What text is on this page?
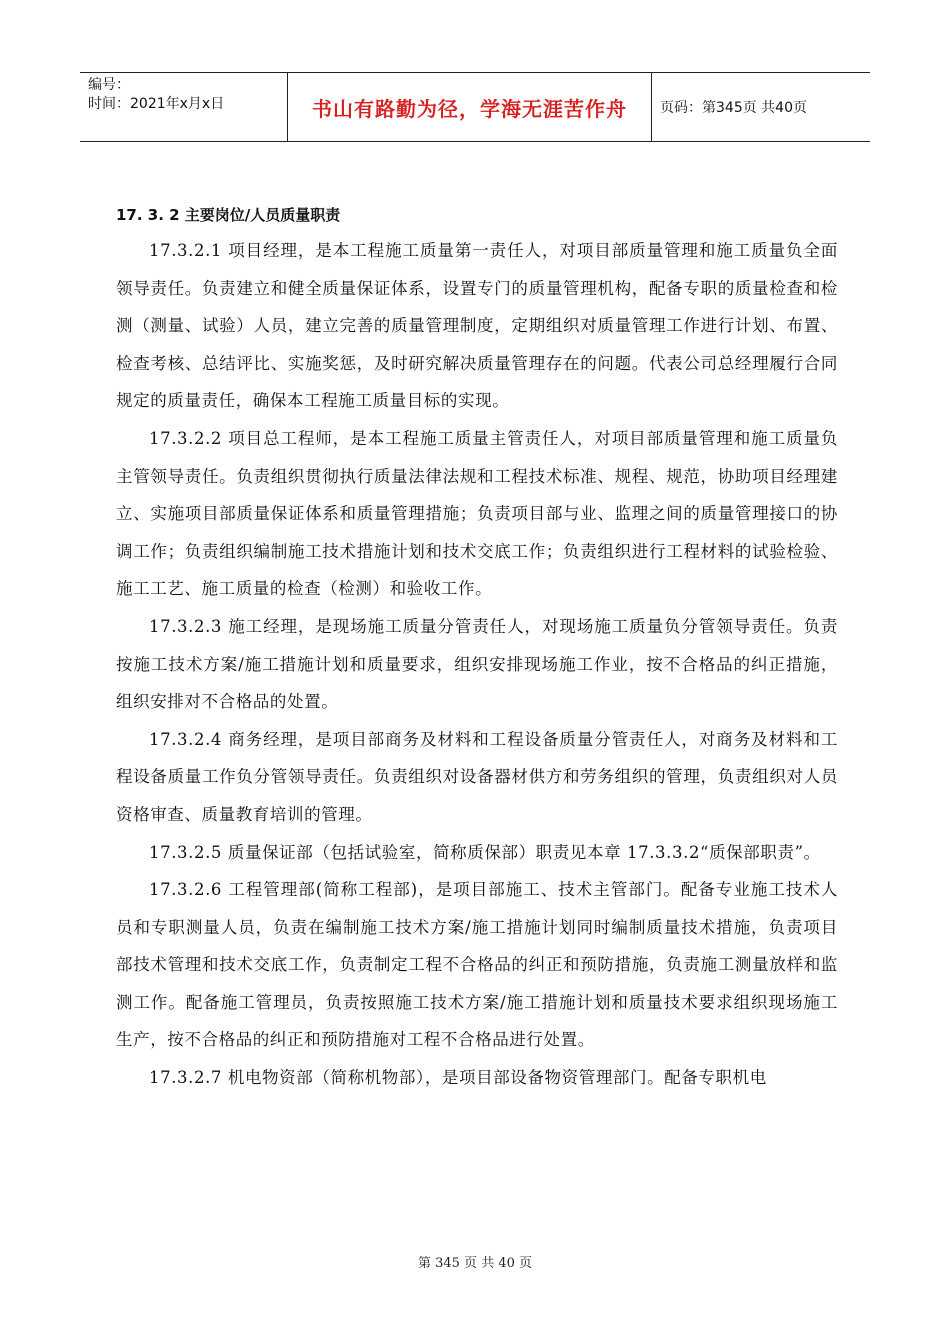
编号：
时间：2021年x月x日	书山有路勤为径，学海无涯苦作舟	页码：第345页 共40页

17. 3. 2 主要岗位/人员质量职责

17.3.2.1 项目经理，是本工程施工质量第一责任人，对项目部质量管理和施工质量负全面领导责任。负责建立和健全质量保证体系，设置专门的质量管理机构，配备专职的质量检查和检测（测量、试验）人员，建立完善的质量管理制度，定期组织对质量管理工作进行计划、布置、检查考核、总结评比、实施奖惩，及时研究解决质量管理存在的问题。代表公司总经理履行合同规定的质量责任，确保本工程施工质量目标的实现。

17.3.2.2 项目总工程师，是本工程施工质量主管责任人，对项目部质量管理和施工质量负主管领导责任。负责组织贯彻执行质量法律法规和工程技术标准、规程、规范，协助项目经理建立、实施项目部质量保证体系和质量管理措施；负责项目部与业、监理之间的质量管理接口的协调工作；负责组织编制施工技术措施计划和技术交底工作；负责组织进行工程材料的试验检验、施工工艺、施工质量的检查（检测）和验收工作。

17.3.2.3 施工经理，是现场施工质量分管责任人，对现场施工质量负分管领导责任。负责按施工技术方案/施工措施计划和质量要求，组织安排现场施工作业，按不合格品的纠正措施，组织安排对不合格品的处置。

17.3.2.4 商务经理，是项目部商务及材料和工程设备质量分管责任人，对商务及材料和工程设备质量工作负分管领导责任。负责组织对设备器材供方和劳务组织的管理，负责组织对人员资格审查、质量教育培训的管理。

17.3.2.5 质量保证部（包括试验室，简称质保部）职责见本章 17.3.3.2“质保部职责”。

17.3.2.6 工程管理部(简称工程部)，是项目部施工、技术主管部门。配备专业施工技术人员和专职测量人员，负责在编制施工技术方案/施工措施计划同时编制质量技术措施，负责项目部技术管理和技术交底工作，负责制定工程不合格品的纠正和预防措施，负责施工测量放样和监测工作。配备施工管理员，负责按照施工技术方案/施工措施计划和质量技术要求组织现场施工生产，按不合格品的纠正和预防措施对工程不合格品进行处置。

17.3.2.7 机电物资部（简称机物部），是项目部设备物资管理部门。配备专职机电

第 345 页 共 40 页
